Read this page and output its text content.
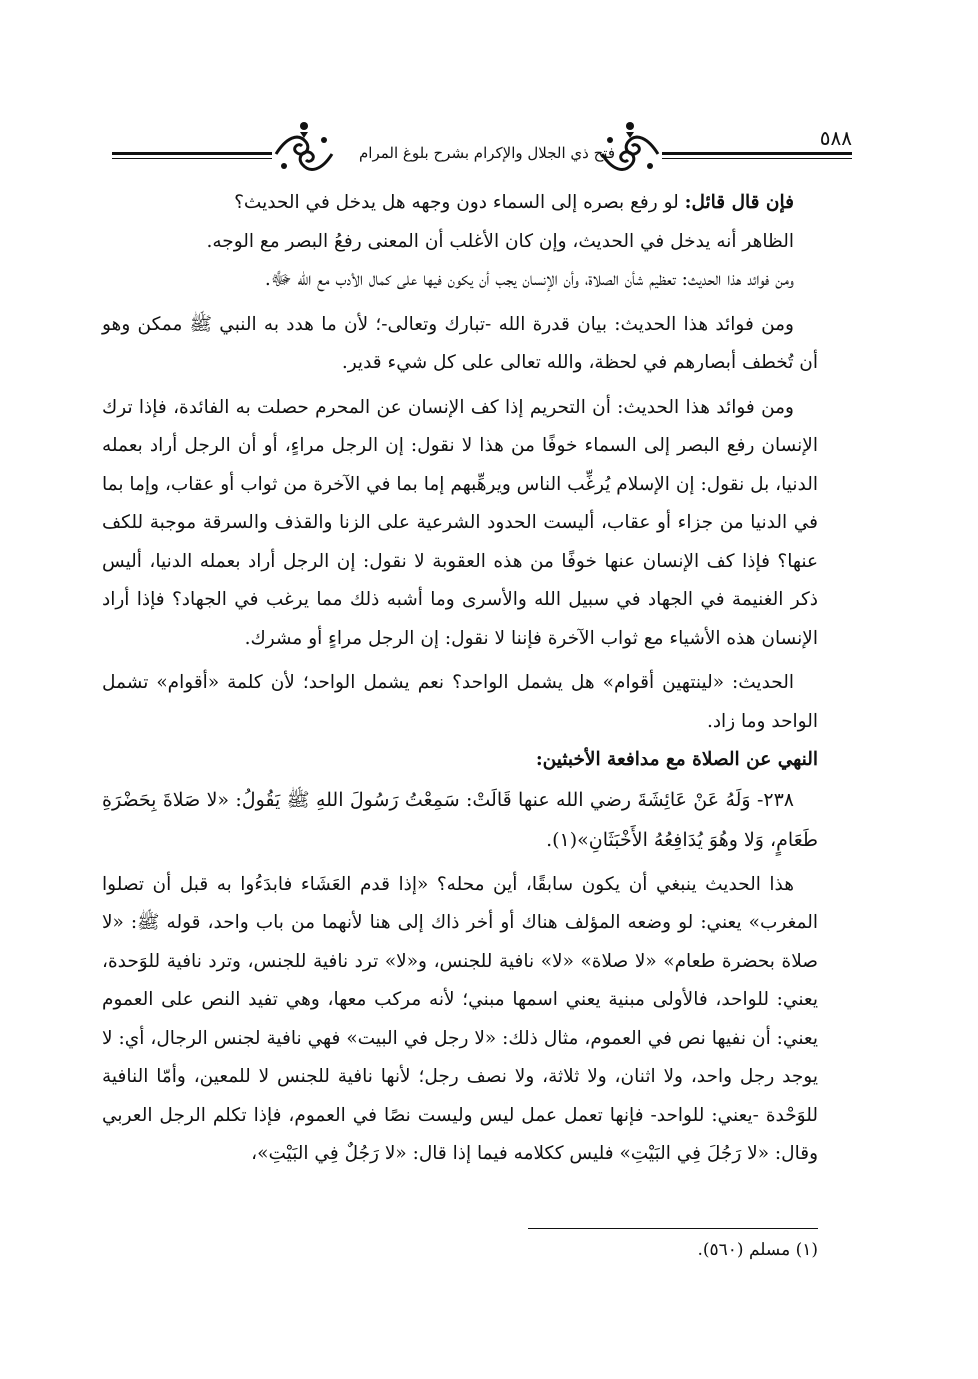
فتح ذي الجلال والإكرام بشرح بلوغ المرام
٥٨٨

فإن قال قائل: لو رفع بصره إلى السماء دون وجهه هل يدخل في الحديث؟

الظاهر أنه يدخل في الحديث، وإن كان الأغلب أن المعنى رفعُ البصر مع الوجه.

ومن فوائد هذا الحديث: تعظيم شأن الصلاة، وأن الإنسان يجب أن يكون فيها على كمال الأدب مع الله ﷻ.

ومن فوائد هذا الحديث: بيان قدرة الله -تبارك وتعالى-؛ لأن ما هدد به النبي ﷺ ممكن وهو أن تُخطف أبصارهم في لحظة، والله تعالى على كل شيء قدير.

ومن فوائد هذا الحديث: أن التحريم إذا كف الإنسان عن المحرم حصلت به الفائدة، فإذا ترك الإنسان رفع البصر إلى السماء خوفًا من هذا لا نقول: إن الرجل مراءٍ، أو أن الرجل أراد بعمله الدنيا، بل نقول: إن الإسلام يُرغِّب الناس ويرهِّبهم إما بما في الآخرة من ثواب أو عقاب، وإما بما في الدنيا من جزاء أو عقاب، أليست الحدود الشرعية على الزنا والقذف والسرقة موجبة للكف عنها؟ فإذا كف الإنسان عنها خوفًا من هذه العقوبة لا نقول: إن الرجل أراد بعمله الدنيا، أليس ذكر الغنيمة في الجهاد في سبيل الله والأسرى وما أشبه ذلك مما يرغب في الجهاد؟ فإذا أراد الإنسان هذه الأشياء مع ثواب الآخرة فإننا لا نقول: إن الرجل مراءٍ أو مشرك.

الحديث: «لينتهين أقوام» هل يشمل الواحد؟ نعم يشمل الواحد؛ لأن كلمة «أقوام» تشمل الواحد وما زاد.

النهي عن الصلاة مع مدافعة الأخبثين:

٢٣٨- وَلَهُ عَنْ عَائِشَةَ رضي الله عنها قَالَتْ: سَمِعْتُ رَسُولَ اللهِ ﷺ يَقُولُ: «لا صَلاةَ بِحَضْرَةِ طَعَامٍ، وَلا وهُوَ يُدَافِعُهُ الأَخْبَثَانِ»(١).

هذا الحديث ينبغي أن يكون سابقًا، أين محله؟ «إذا قدم العَشَاء فابدَءُوا به قبل أن تصلوا المغرب» يعني: لو وضعه المؤلف هناك أو أخر ذاك إلى هنا لأنهما من باب واحد، قوله ﷺ: «لا صلاة بحضرة طعام» «لا صلاة» «لا» نافية للجنس، و«لا» ترد نافية للجنس، وترد نافية للوَحدة، يعني: للواحد، فالأولى مبنية يعني اسمها مبني؛ لأنه مركب معها، وهي تفيد النص على العموم يعني: أن نفيها نص في العموم، مثال ذلك: «لا رجل في البيت» فهي نافية لجنس الرجال، أي: لا يوجد رجل واحد، ولا اثنان، ولا ثلاثة، ولا نصف رجل؛ لأنها نافية للجنس لا للمعين، وأمّا النافية للوَحْدة -يعني: للواحد- فإنها تعمل عمل ليس وليست نصًا في العموم، فإذا تكلم الرجل العربي وقال: «لا رَجُلَ فِي البَيْتِ» فليس ككلامه فيما إذا قال: «لا رَجُلٌ فِي البَيْتِ»،

(١) مسلم (٥٦٠).
